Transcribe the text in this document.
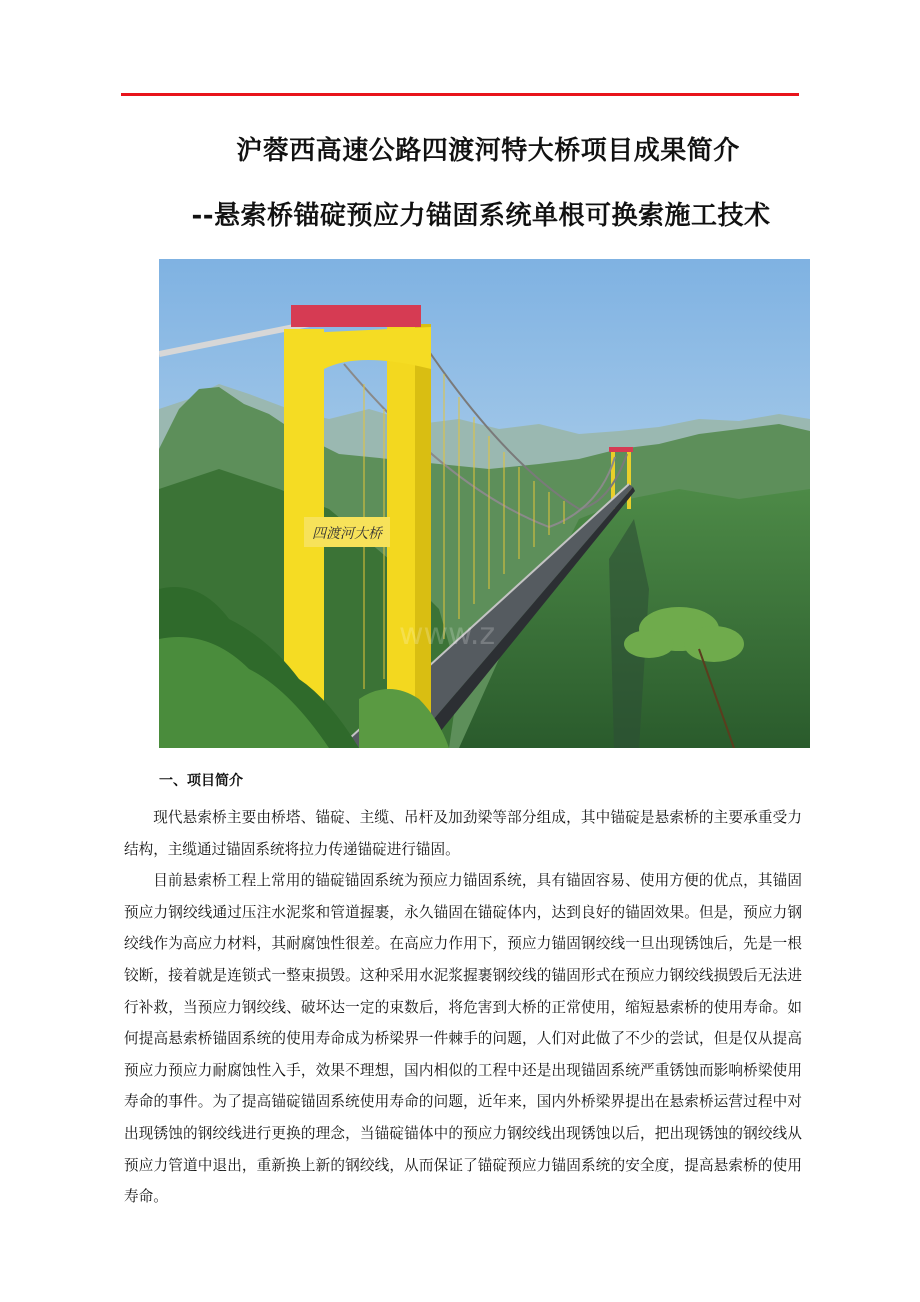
沪蓉西高速公路四渡河特大桥项目成果简介
--悬索桥锚碇预应力锚固系统单根可换索施工技术
四渡河大桥
www.z
一、项目简介

现代悬索桥主要由桥塔、锚碇、主缆、吊杆及加劲梁等部分组成，其中锚碇是悬索桥的主要承重受力结构，主缆通过锚固系统将拉力传递锚碇进行锚固。

目前悬索桥工程上常用的锚碇锚固系统为预应力锚固系统，具有锚固容易、使用方便的优点，其锚固预应力钢绞线通过压注水泥浆和管道握裹，永久锚固在锚碇体内，达到良好的锚固效果。但是，预应力钢绞线作为高应力材料，其耐腐蚀性很差。在高应力作用下，预应力锚固钢绞线一旦出现锈蚀后，先是一根铰断，接着就是连锁式一整束损毁。这种采用水泥浆握裹钢绞线的锚固形式在预应力钢绞线损毁后无法进行补救，当预应力钢绞线、破坏达一定的束数后，将危害到大桥的正常使用，缩短悬索桥的使用寿命。如何提高悬索桥锚固系统的使用寿命成为桥梁界一件棘手的问题，人们对此做了不少的尝试，但是仅从提高预应力预应力耐腐蚀性入手，效果不理想，国内相似的工程中还是出现锚固系统严重锈蚀而影响桥梁使用寿命的事件。为了提高锚碇锚固系统使用寿命的问题，近年来，国内外桥梁界提出在悬索桥运营过程中对出现锈蚀的钢绞线进行更换的理念，当锚碇锚体中的预应力钢绞线出现锈蚀以后，把出现锈蚀的钢绞线从预应力管道中退出，重新换上新的钢绞线，从而保证了锚碇预应力锚固系统的安全度，提高悬索桥的使用寿命。
